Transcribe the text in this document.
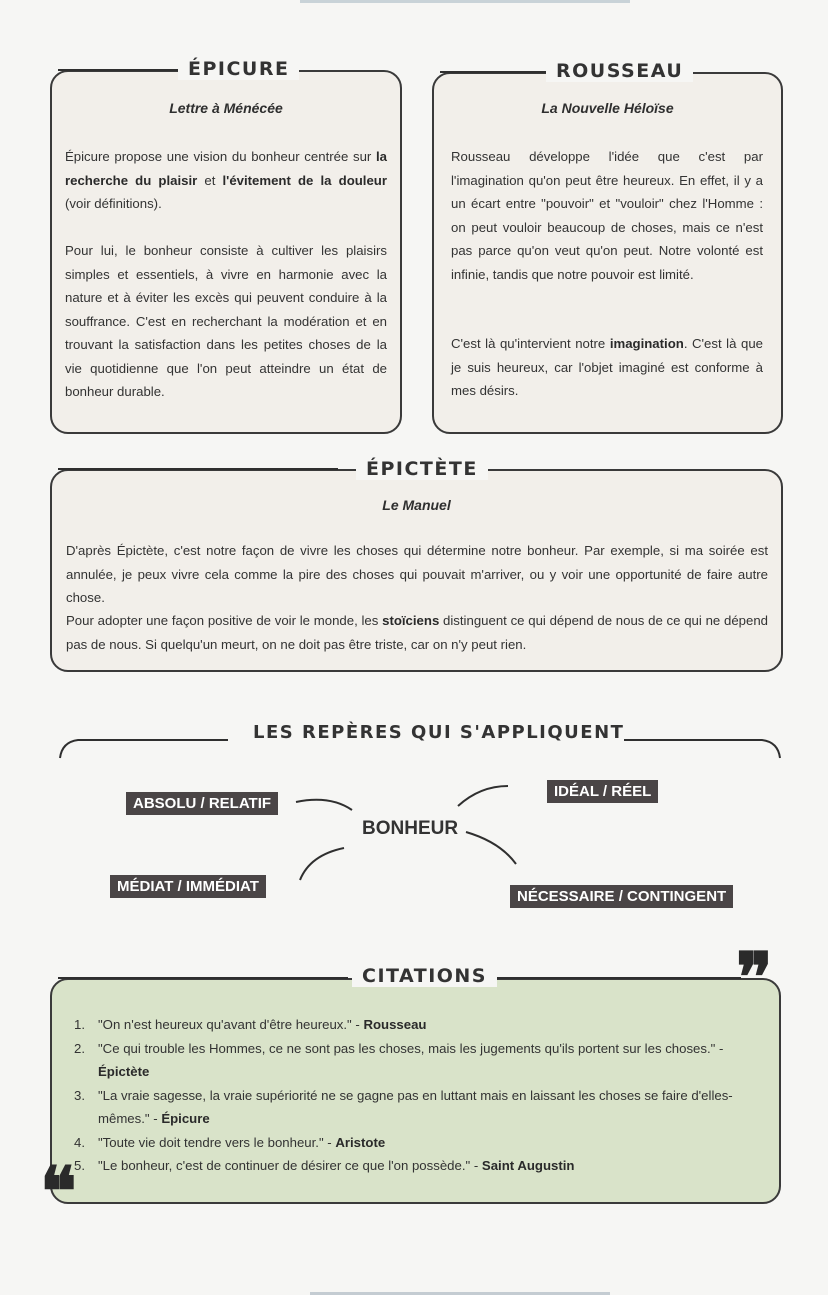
ÉPICURE
Lettre à Ménécée
Épicure propose une vision du bonheur centrée sur la recherche du plaisir et l'évitement de la douleur (voir définitions).
Pour lui, le bonheur consiste à cultiver les plaisirs simples et essentiels, à vivre en harmonie avec la nature et à éviter les excès qui peuvent conduire à la souffrance. C'est en recherchant la modération et en trouvant la satisfaction dans les petites choses de la vie quotidienne que l'on peut atteindre un état de bonheur durable.
ROUSSEAU
La Nouvelle Héloïse
Rousseau développe l'idée que c'est par l'imagination qu'on peut être heureux. En effet, il y a un écart entre "pouvoir" et "vouloir" chez l'Homme : on peut vouloir beaucoup de choses, mais ce n'est pas parce qu'on veut qu'on peut. Notre volonté est infinie, tandis que notre pouvoir est limité.
C'est là qu'intervient notre imagination. C'est là que je suis heureux, car l'objet imaginé est conforme à mes désirs.
ÉPICTÈTE
Le Manuel
D'après Épictète, c'est notre façon de vivre les choses qui détermine notre bonheur. Par exemple, si ma soirée est annulée, je peux vivre cela comme la pire des choses qui pouvait m'arriver, ou y voir une opportunité de faire autre chose.
Pour adopter une façon positive de voir le monde, les stoïciens distinguent ce qui dépend de nous de ce qui ne dépend pas de nous. Si quelqu'un meurt, on ne doit pas être triste, car on n'y peut rien.
LES REPÈRES QUI S'APPLIQUENT
ABSOLU / RELATIF
IDÉAL / RÉEL
BONHEUR
MÉDIAT / IMMÉDIAT
NÉCESSAIRE / CONTINGENT
CITATIONS	❞
❝
1. "On n'est heureux qu'avant d'être heureux." - Rousseau
2. "Ce qui trouble les Hommes, ce ne sont pas les choses, mais les jugements qu'ils portent sur les choses." - Épictète
3. "La vraie sagesse, la vraie supériorité ne se gagne pas en luttant mais en laissant les choses se faire d'elles-mêmes." - Épicure
4. "Toute vie doit tendre vers le bonheur." - Aristote
5. "Le bonheur, c'est de continuer de désirer ce que l'on possède." - Saint Augustin
